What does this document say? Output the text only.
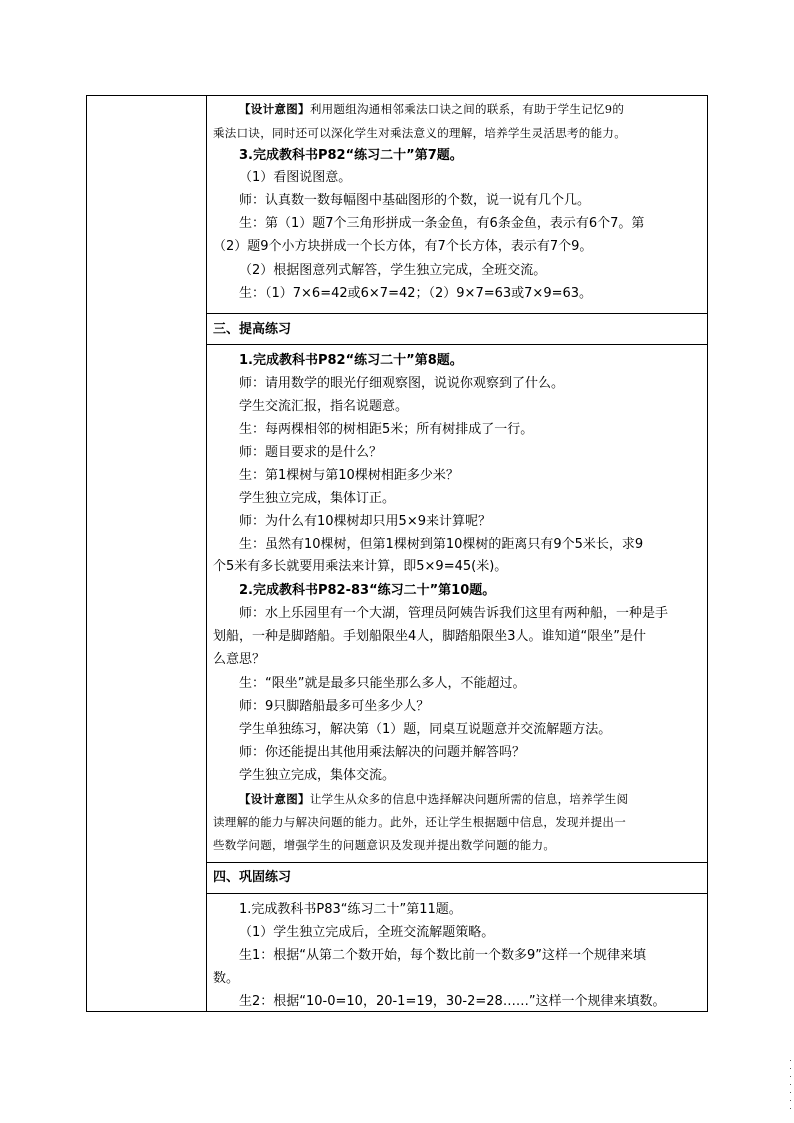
【设计意图】利用题组沟通相邻乘法口诀之间的联系，有助于学生记忆9的
乘法口诀，同时还可以深化学生对乘法意义的理解，培养学生灵活思考的能力。
3.完成教科书P82“练习二十”第7题。
（1）看图说图意。
师：认真数一数每幅图中基础图形的个数，说一说有几个几。
生：第（1）题7个三角形拼成一条金鱼，有6条金鱼，表示有6个7。第
（2）题9个小方块拼成一个长方体，有7个长方体，表示有7个9。
（2）根据图意列式解答，学生独立完成，全班交流。
生：（1）7×6=42或6×7=42；（2）9×7=63或7×9=63。
三、提高练习
1.完成教科书P82“练习二十”第8题。
师：请用数学的眼光仔细观察图，说说你观察到了什么。
学生交流汇报，指名说题意。
生：每两棵相邻的树相距5米；所有树排成了一行。
师：题目要求的是什么？
生：第1棵树与第10棵树相距多少米？
学生独立完成，集体订正。
师：为什么有10棵树却只用5×9来计算呢？
生：虽然有10棵树，但第1棵树到第10棵树的距离只有9个5米长，求9
个5米有多长就要用乘法来计算，即5×9=45(米)。
2.完成教科书P82-83“练习二十”第10题。
师：水上乐园里有一个大湖，管理员阿姨告诉我们这里有两种船，一种是手
划船，一种是脚踏船。手划船限坐4人，脚踏船限坐3人。谁知道“限坐”是什
么意思？
生：“限坐”就是最多只能坐那么多人，不能超过。
师：9只脚踏船最多可坐多少人？
学生单独练习，解决第（1）题，同桌互说题意并交流解题方法。
师：你还能提出其他用乘法解决的问题并解答吗？
学生独立完成，集体交流。
【设计意图】让学生从众多的信息中选择解决问题所需的信息，培养学生阅
读理解的能力与解决问题的能力。此外，还让学生根据题中信息，发现并提出一
些数学问题，增强学生的问题意识及发现并提出数学问题的能力。
四、巩固练习
1.完成教科书P83“练习二十”第11题。
（1）学生独立完成后，全班交流解题策略。
生1：根据“从第二个数开始，每个数比前一个数多9”这样一个规律来填
数。
生2：根据“10-0=10，20-1=19，30-2=28……”这样一个规律来填数。
